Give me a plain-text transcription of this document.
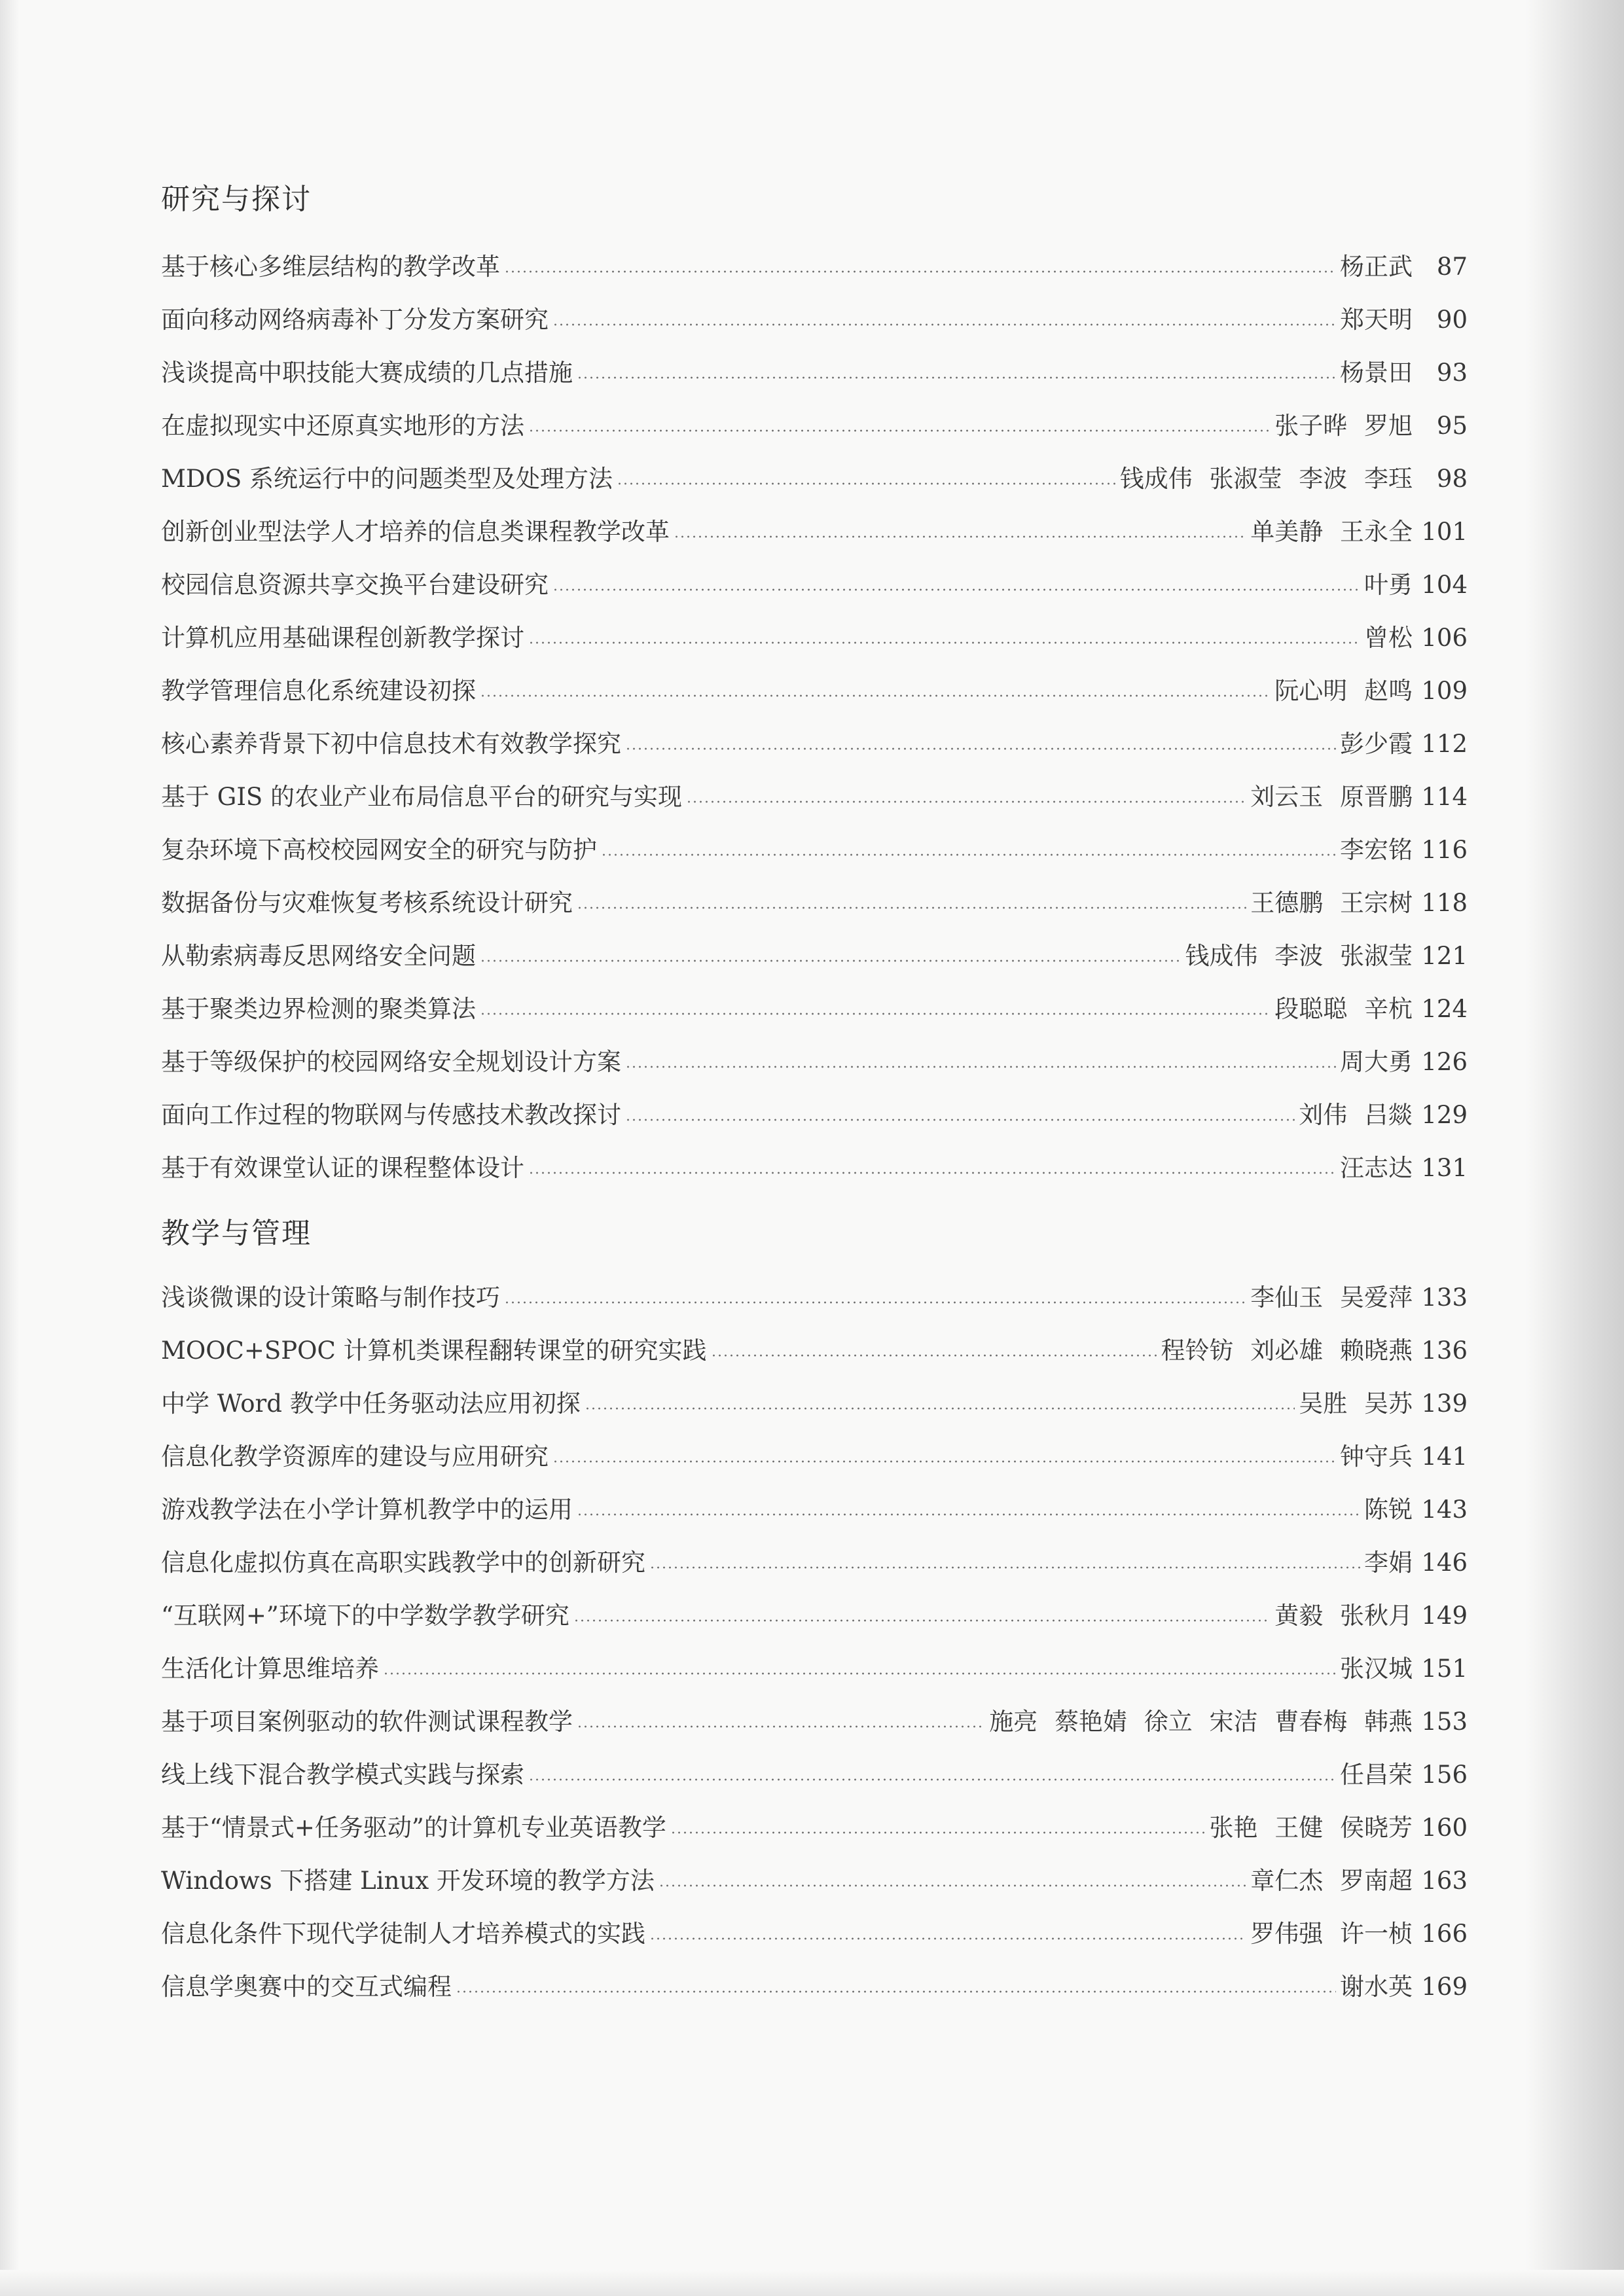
研究与探讨
基于核心多维层结构的教学改革	杨正武 87
面向移动网络病毒补丁分发方案研究	郑天明 90
浅谈提高中职技能大赛成绩的几点措施	杨景田 93
在虚拟现实中还原真实地形的方法	张子晔 罗旭 95
MDOS 系统运行中的问题类型及处理方法	钱成伟 张淑莹 李波 李珏 98
创新创业型法学人才培养的信息类课程教学改革	单美静 王永全 101
校园信息资源共享交换平台建设研究	叶勇 104
计算机应用基础课程创新教学探讨	曾松 106
教学管理信息化系统建设初探	阮心明 赵鸣 109
核心素养背景下初中信息技术有效教学探究	彭少霞 112
基于 GIS 的农业产业布局信息平台的研究与实现	刘云玉 原晋鹏 114
复杂环境下高校校园网安全的研究与防护	李宏铭 116
数据备份与灾难恢复考核系统设计研究	王德鹏 王宗树 118
从勒索病毒反思网络安全问题	钱成伟 李波 张淑莹 121
基于聚类边界检测的聚类算法	段聪聪 辛杭 124
基于等级保护的校园网络安全规划设计方案	周大勇 126
面向工作过程的物联网与传感技术教改探讨	刘伟 吕燚 129
基于有效课堂认证的课程整体设计	汪志达 131
教学与管理
浅谈微课的设计策略与制作技巧	李仙玉 吴爱萍 133
MOOC+SPOC 计算机类课程翻转课堂的研究实践	程铃钫 刘必雄 赖晓燕 136
中学 Word 教学中任务驱动法应用初探	吴胜 吴苏 139
信息化教学资源库的建设与应用研究	钟守兵 141
游戏教学法在小学计算机教学中的运用	陈锐 143
信息化虚拟仿真在高职实践教学中的创新研究	李娟 146
“互联网+”环境下的中学数学教学研究	黄毅 张秋月 149
生活化计算思维培养	张汉城 151
基于项目案例驱动的软件测试课程教学	施亮 蔡艳婧 徐立 宋洁 曹春梅 韩燕 153
线上线下混合教学模式实践与探索	任昌荣 156
基于“情景式+任务驱动”的计算机专业英语教学	张艳 王健 侯晓芳 160
Windows 下搭建 Linux 开发环境的教学方法	章仁杰 罗南超 163
信息化条件下现代学徒制人才培养模式的实践	罗伟强 许一桢 166
信息学奥赛中的交互式编程	谢水英 169
